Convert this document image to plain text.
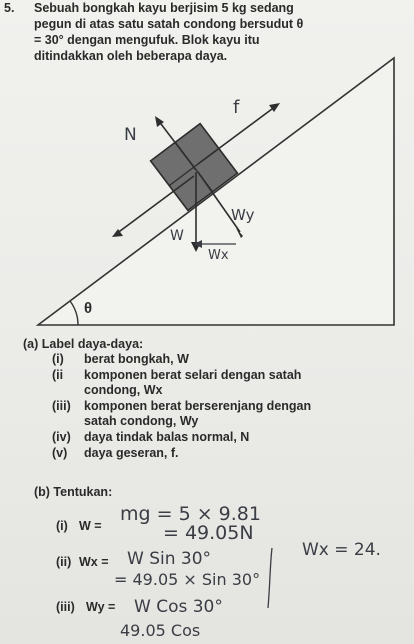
5. Sebuah bongkah kayu berjisim 5 kg sedang
pegun di atas satu satah condong bersudut θ
= 30° dengan mengufuk. Blok kayu itu
ditindakkan oleh beberapa daya.
f
N
Wy
W
Wx
θ
(a) Label daya-daya:
(i) berat bongkah, W
(ii komponen berat selari dengan satah
condong, Wx
(iii) komponen berat berserenjang dengan
satah condong, Wy
(iv) daya tindak balas normal, N
(v) daya geseran, f.
(b) Tentukan:
(i) W =
mg = 5 × 9.81
= 49.05N
(ii) Wx = W Sin 30°
= 49.05 × Sin 30°
Wx = 24.
(iii) Wy = W Cos 30°
49.05 Cos
